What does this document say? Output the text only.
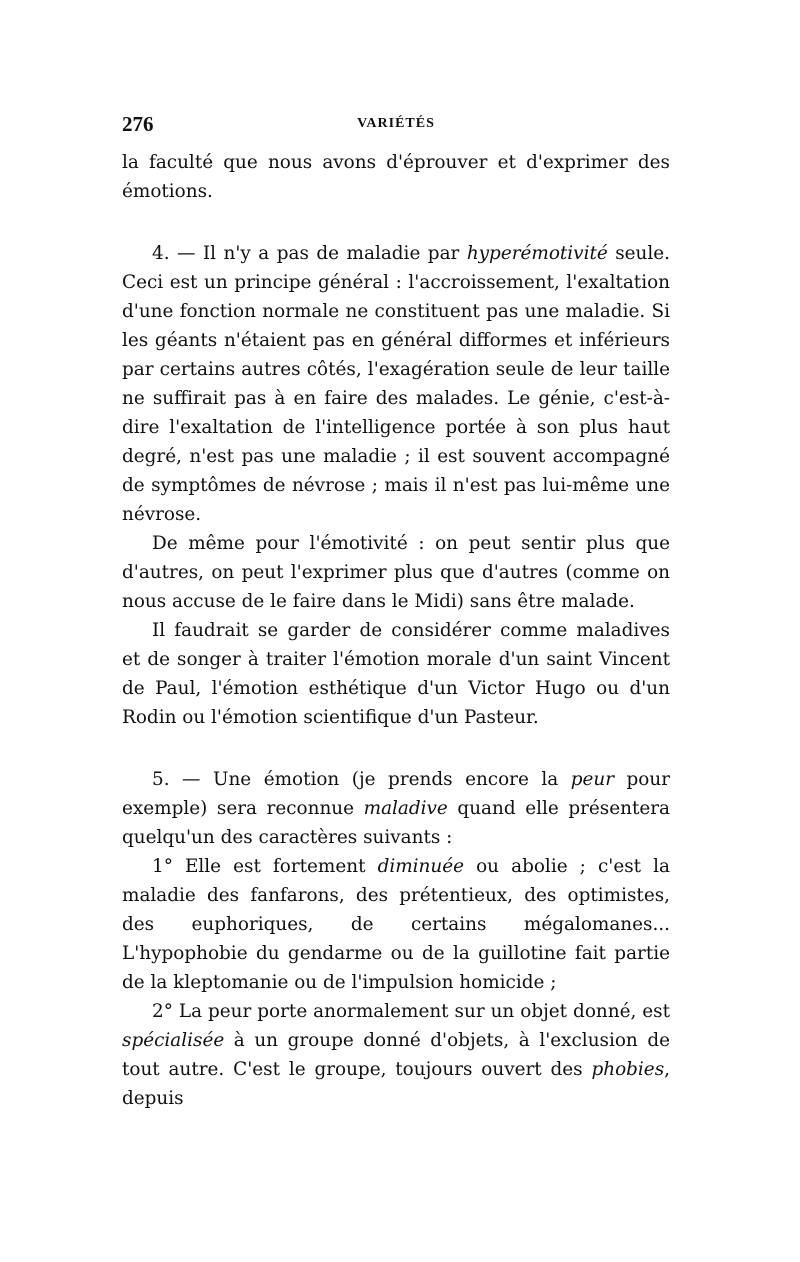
276	VARIÉTÉS

la faculté que nous avons d'éprouver et d'exprimer des émotions.

4. — Il n'y a pas de maladie par hyperémotivité seule. Ceci est un principe général : l'accroissement, l'exaltation d'une fonction normale ne constituent pas une maladie. Si les géants n'étaient pas en général difformes et inférieurs par certains autres côtés, l'exagération seule de leur taille ne suffirait pas à en faire des malades. Le génie, c'est-à-dire l'exaltation de l'intelligence portée à son plus haut degré, n'est pas une maladie ; il est souvent accompagné de symptômes de névrose ; mais il n'est pas lui-même une névrose.

De même pour l'émotivité : on peut sentir plus que d'autres, on peut l'exprimer plus que d'autres (comme on nous accuse de le faire dans le Midi) sans être malade.

Il faudrait se garder de considérer comme maladives et de songer à traiter l'émotion morale d'un saint Vincent de Paul, l'émotion esthétique d'un Victor Hugo ou d'un Rodin ou l'émotion scientifique d'un Pasteur.

5. — Une émotion (je prends encore la peur pour exemple) sera reconnue maladive quand elle présentera quelqu'un des caractères suivants :

1° Elle est fortement diminuée ou abolie ; c'est la maladie des fanfarons, des prétentieux, des optimistes, des euphoriques, de certains mégalomanes... L'hypophobie du gendarme ou de la guillotine fait partie de la kleptomanie ou de l'impulsion homicide ;

2° La peur porte anormalement sur un objet donné, est spécialisée à un groupe donné d'objets, à l'exclusion de tout autre. C'est le groupe, toujours ouvert des phobies, depuis
